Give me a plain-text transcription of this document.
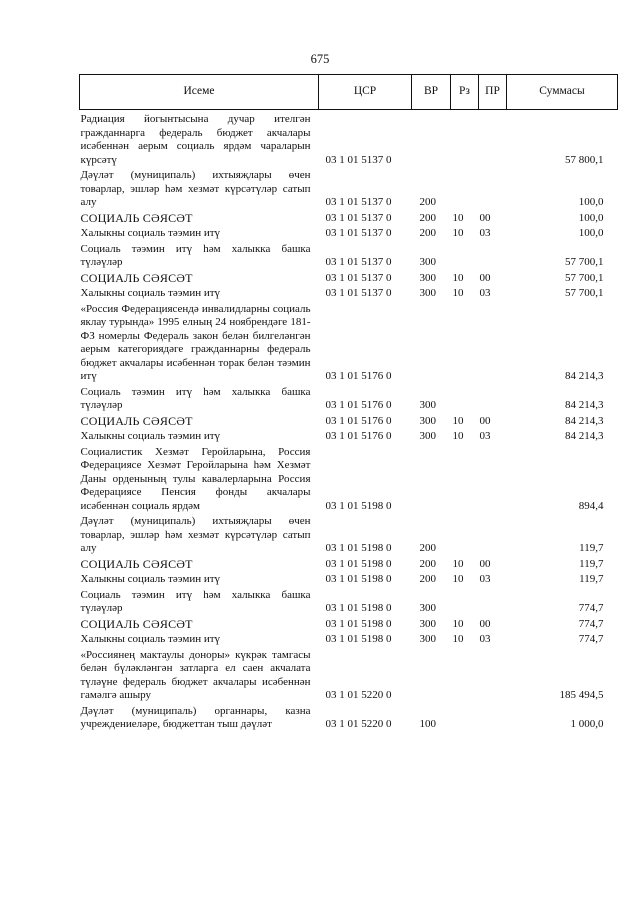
675
Исеме	ЦСР	ВР	Рз	ПР	Суммасы
Радиация йогынтысына дучар ителгән гражданнарга федераль бюджет акчалары исәбеннән аерым социаль ярдәм чараларын күрсәтү	03 1 01 5137 0				57 800,1
Дәүләт (муниципаль) ихтыяҗлары өчен товарлар, эшләр һәм хезмәт күрсәтүләр сатып алу	03 1 01 5137 0	200			100,0
СОЦИАЛЬ СӘЯСӘТ	03 1 01 5137 0	200	10	00	100,0
Халыкны социаль тәэмин итү	03 1 01 5137 0	200	10	03	100,0
Социаль тәэмин итү һәм халыкка башка түләүләр	03 1 01 5137 0	300			57 700,1
СОЦИАЛЬ СӘЯСӘТ	03 1 01 5137 0	300	10	00	57 700,1
Халыкны социаль тәэмин итү	03 1 01 5137 0	300	10	03	57 700,1
«Россия Федерациясендә инвалидларны социаль яклау турында» 1995 елның 24 ноябрендәге 181-ФЗ номерлы Федераль закон белән билгеләнгән аерым категориядәге гражданнарны федераль бюджет акчалары исәбеннән торак белән тәэмин итү	03 1 01 5176 0				84 214,3
Социаль тәэмин итү һәм халыкка башка түләүләр	03 1 01 5176 0	300			84 214,3
СОЦИАЛЬ СӘЯСӘТ	03 1 01 5176 0	300	10	00	84 214,3
Халыкны социаль тәэмин итү	03 1 01 5176 0	300	10	03	84 214,3
Социалистик Хезмәт Геройларына, Россия Федерациясе Хезмәт Геройларына һәм Хезмәт Даны орденының тулы кавалерларына Россия Федерациясе Пенсия фонды акчалары исәбеннән социаль ярдәм	03 1 01 5198 0				894,4
Дәүләт (муниципаль) ихтыяҗлары өчен товарлар, эшләр һәм хезмәт күрсәтүләр сатып алу	03 1 01 5198 0	200			119,7
СОЦИАЛЬ СӘЯСӘТ	03 1 01 5198 0	200	10	00	119,7
Халыкны социаль тәэмин итү	03 1 01 5198 0	200	10	03	119,7
Социаль тәэмин итү һәм халыкка башка түләүләр	03 1 01 5198 0	300			774,7
СОЦИАЛЬ СӘЯСӘТ	03 1 01 5198 0	300	10	00	774,7
Халыкны социаль тәэмин итү	03 1 01 5198 0	300	10	03	774,7
«Россиянең мактаулы доноры» күкрәк тамгасы белән бүләкләнгән затларга ел саен акчалата түләүне федераль бюджет акчалары исәбеннән гамәлгә ашыру	03 1 01 5220 0				185 494,5
Дәүләт (муниципаль) органнары, казна учреждениеләре, бюджеттан тыш дәүләт	03 1 01 5220 0	100			1 000,0
